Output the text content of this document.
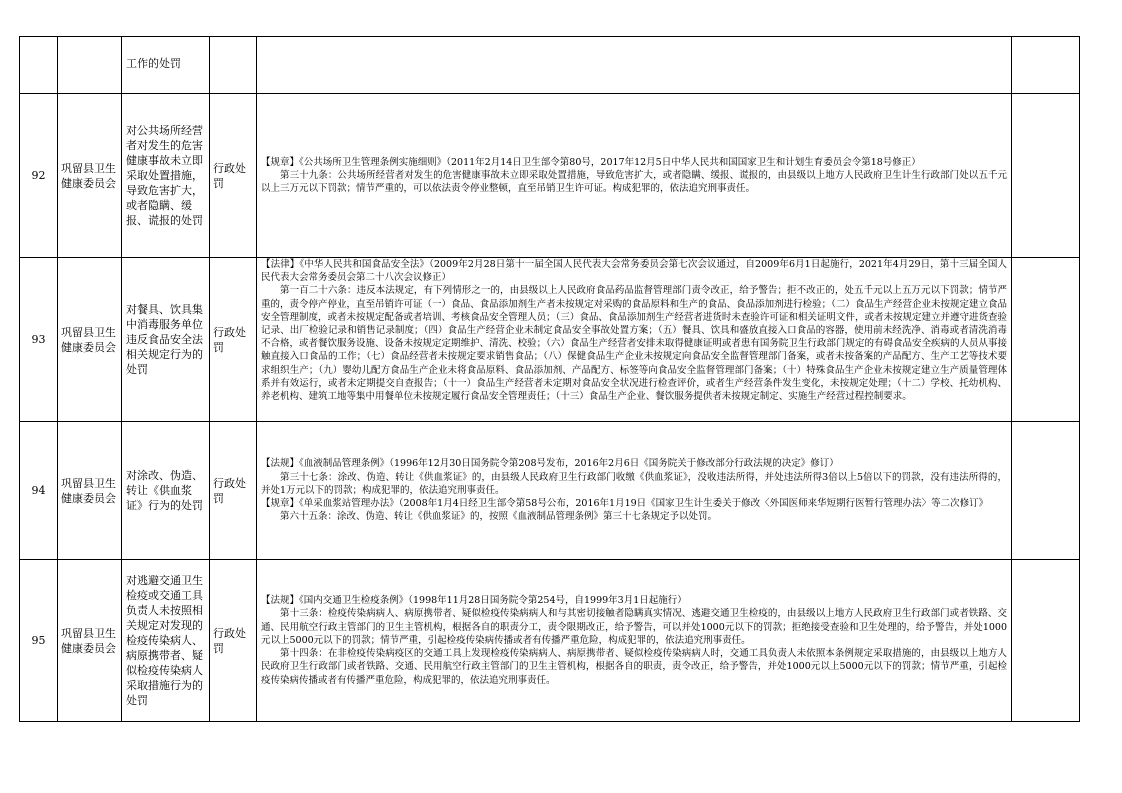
		工作的处罚			

92	巩留县卫生健康委员会	对公共场所经营者对发生的危害健康事故未立即采取处置措施，导致危害扩大，或者隐瞒、缓报、谎报的处罚	行政处罚	【规章】《公共场所卫生管理条例实施细则》（2011年2月14日卫生部令第80号，2017年12月5日中华人民共和国国家卫生和计划生育委员会令第18号修正）

第三十九条：公共场所经营者对发生的危害健康事故未立即采取处置措施，导致危害扩大，或者隐瞒、缓报、谎报的，由县级以上地方人民政府卫生计生行政部门处以五千元以上三万元以下罚款；情节严重的，可以依法责令停业整顿，直至吊销卫生许可证。构成犯罪的，依法追究刑事责任。	

93	巩留县卫生健康委员会	对餐具、饮具集中消毒服务单位违反食品安全法相关规定行为的处罚	行政处罚	【法律】《中华人民共和国食品安全法》（2009年2月28日第十一届全国人民代表大会常务委员会第七次会议通过，自2009年6月1日起施行，2021年4月29日，第十三届全国人民代表大会常务委员会第二十八次会议修正）

第一百二十六条：违反本法规定，有下列情形之一的，由县级以上人民政府食品药品监督管理部门责令改正，给予警告；拒不改正的，处五千元以上五万元以下罚款；情节严重的，责令停产停业，直至吊销许可证（一）食品、食品添加剂生产者未按规定对采购的食品原料和生产的食品、食品添加剂进行检验；（二）食品生产经营企业未按规定建立食品安全管理制度，或者未按规定配备或者培训、考核食品安全管理人员；（三）食品、食品添加剂生产经营者进货时未查验许可证和相关证明文件，或者未按规定建立并遵守进货查验记录、出厂检验记录和销售记录制度；（四）食品生产经营企业未制定食品安全事故处置方案；（五）餐具、饮具和盛放直接入口食品的容器，使用前未经洗净、消毒或者清洗消毒不合格，或者餐饮服务设施、设备未按规定定期维护、清洗、校验；（六）食品生产经营者安排未取得健康证明或者患有国务院卫生行政部门规定的有碍食品安全疾病的人员从事接触直接入口食品的工作；（七）食品经营者未按规定要求销售食品；（八）保健食品生产企业未按规定向食品安全监督管理部门备案，或者未按备案的产品配方、生产工艺等技术要求组织生产；（九）婴幼儿配方食品生产企业未将食品原料、食品添加剂、产品配方、标签等向食品安全监督管理部门备案；（十）特殊食品生产企业未按规定建立生产质量管理体系并有效运行，或者未定期提交自查报告；（十一）食品生产经营者未定期对食品安全状况进行检查评价，或者生产经营条件发生变化，未按规定处理；（十二）学校、托幼机构、养老机构、建筑工地等集中用餐单位未按规定履行食品安全管理责任；（十三）食品生产企业、餐饮服务提供者未按规定制定、实施生产经营过程控制要求。	

94	巩留县卫生健康委员会	对涂改、伪造、转让《供血浆证》行为的处罚	行政处罚	【法规】《血液制品管理条例》（1996年12月30日国务院令第208号发布，2016年2月6日《国务院关于修改部分行政法规的决定》修订）

第三十七条：涂改、伪造、转让《供血浆证》的，由县级人民政府卫生行政部门收缴《供血浆证》，没收违法所得，并处违法所得3倍以上5倍以下的罚款，没有违法所得的，并处1万元以下的罚款；构成犯罪的，依法追究刑事责任。

【规章】《单采血浆站管理办法》（2008年1月4日经卫生部令第58号公布，2016年1月19日《国家卫生计生委关于修改〈外国医师来华短期行医暂行管理办法〉等二次修订》

第六十五条：涂改、伪造、转让《供血浆证》的，按照《血液制品管理条例》第三十七条规定予以处罚。	

95	巩留县卫生健康委员会	对逃避交通卫生检疫或交通工具负责人未按照相关规定对发现的检疫传染病人、病原携带者、疑似检疫传染病人采取措施行为的处罚	行政处罚	【法规】《国内交通卫生检疫条例》（1998年11月28日国务院令第254号，自1999年3月1日起施行）

第十三条：检疫传染病病人、病原携带者、疑似检疫传染病病人和与其密切接触者隐瞒真实情况、逃避交通卫生检疫的，由县级以上地方人民政府卫生行政部门或者铁路、交通、民用航空行政主管部门的卫生主管机构，根据各自的职责分工，责令限期改正，给予警告，可以并处1000元以下的罚款；拒绝接受查验和卫生处理的，给予警告，并处1000元以上5000元以下的罚款；情节严重，引起检疫传染病传播或者有传播严重危险，构成犯罪的，依法追究刑事责任。

第十四条：在非检疫传染病疫区的交通工具上发现检疫传染病病人、病原携带者、疑似检疫传染病病人时，交通工具负责人未依照本条例规定采取措施的，由县级以上地方人民政府卫生行政部门或者铁路、交通、民用航空行政主管部门的卫生主管机构，根据各自的职责，责令改正，给予警告，并处1000元以上5000元以下的罚款；情节严重，引起检疫传染病传播或者有传播严重危险，构成犯罪的，依法追究刑事责任。	
